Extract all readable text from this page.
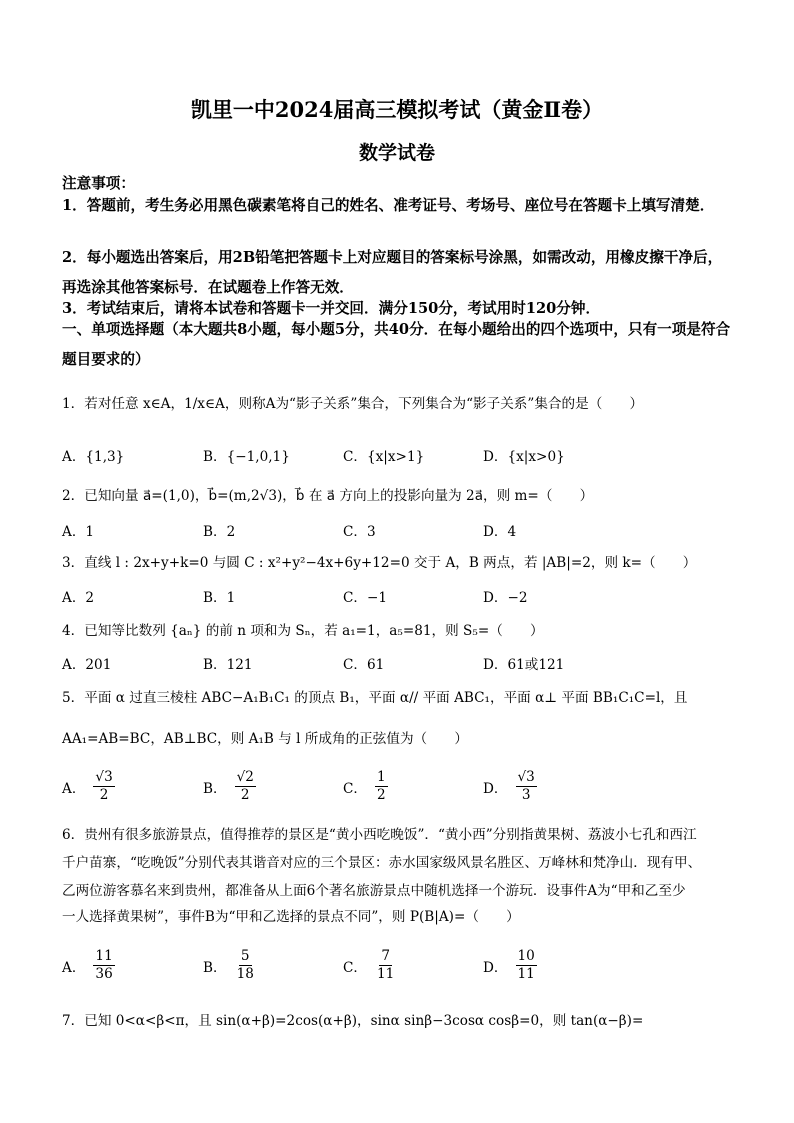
凯里一中2024届高三模拟考试（黄金Ⅱ卷）
数学试卷
注意事项：
1．答题前，考生务必用黑色碳素笔将自己的姓名、准考证号、考场号、座位号在答题卡上填写清楚．
2．每小题选出答案后，用2B铅笔把答题卡上对应题目的答案标号涂黑，如需改动，用橡皮擦干净后，再选涂其他答案标号．在试题卷上作答无效．
3．考试结束后，请将本试卷和答题卡一并交回．满分150分，考试用时120分钟．
一、单项选择题（本大题共8小题，每小题5分，共40分．在每小题给出的四个选项中，只有一项是符合题目要求的）
1．若对任意 x∈A，1/x∈A，则称A为“影子关系”集合，下列集合为“影子关系”集合的是（　　）
A．{1,3}	B．{−1,0,1}	C．{x|x>1}	D．{x|x>0}
2．已知向量 a⃗=(1,0)，b⃗=(m,2√3)，b⃗ 在 a⃗ 方向上的投影向量为 2a⃗，则 m=（　　）
A．1	B．2	C．3	D．4
3．直线 l : 2x+y+k=0 与圆 C : x²+y²−4x+6y+12=0 交于 A，B 两点，若 |AB|=2，则 k=（　　）
A．2	B．1	C．−1	D．−2
4．已知等比数列 {aₙ} 的前 n 项和为 Sₙ，若 a₁=1，a₅=81，则 S₅=（　　）
A．201	B．121	C．61	D．61或121
5．平面 α 过直三棱柱 ABC−A₁B₁C₁ 的顶点 B₁，平面 α// 平面 ABC₁，平面 α⊥ 平面 BB₁C₁C=l，且
AA₁=AB=BC，AB⊥BC，则 A₁B 与 l 所成角的正弦值为（　　）
A． $\frac{√3}{2}$	B． $\frac{√2}{2}$	C． $\frac{1}{2}$	D． $\frac{√3}{3}$
6．贵州有很多旅游景点，值得推荐的景区是“黄小西吃晚饭”．“黄小西”分别指黄果树、荔波小七孔和西江
千户苗寨，“吃晚饭”分别代表其谐音对应的三个景区：赤水国家级风景名胜区、万峰林和梵净山．现有甲、
乙两位游客慕名来到贵州，都准备从上面6个著名旅游景点中随机选择一个游玩．设事件A为“甲和乙至少
一人选择黄果树”，事件B为“甲和乙选择的景点不同”，则 P(B|A)=（　　）
A． $\frac{11}{36}$	B． $\frac{5}{18}$	C． $\frac{7}{11}$	D． $\frac{10}{11}$
7．已知 0<α<β<π，且 sin(α+β)=2cos(α+β)，sinα sinβ−3cosα cosβ=0，则 tan(α−β)=
